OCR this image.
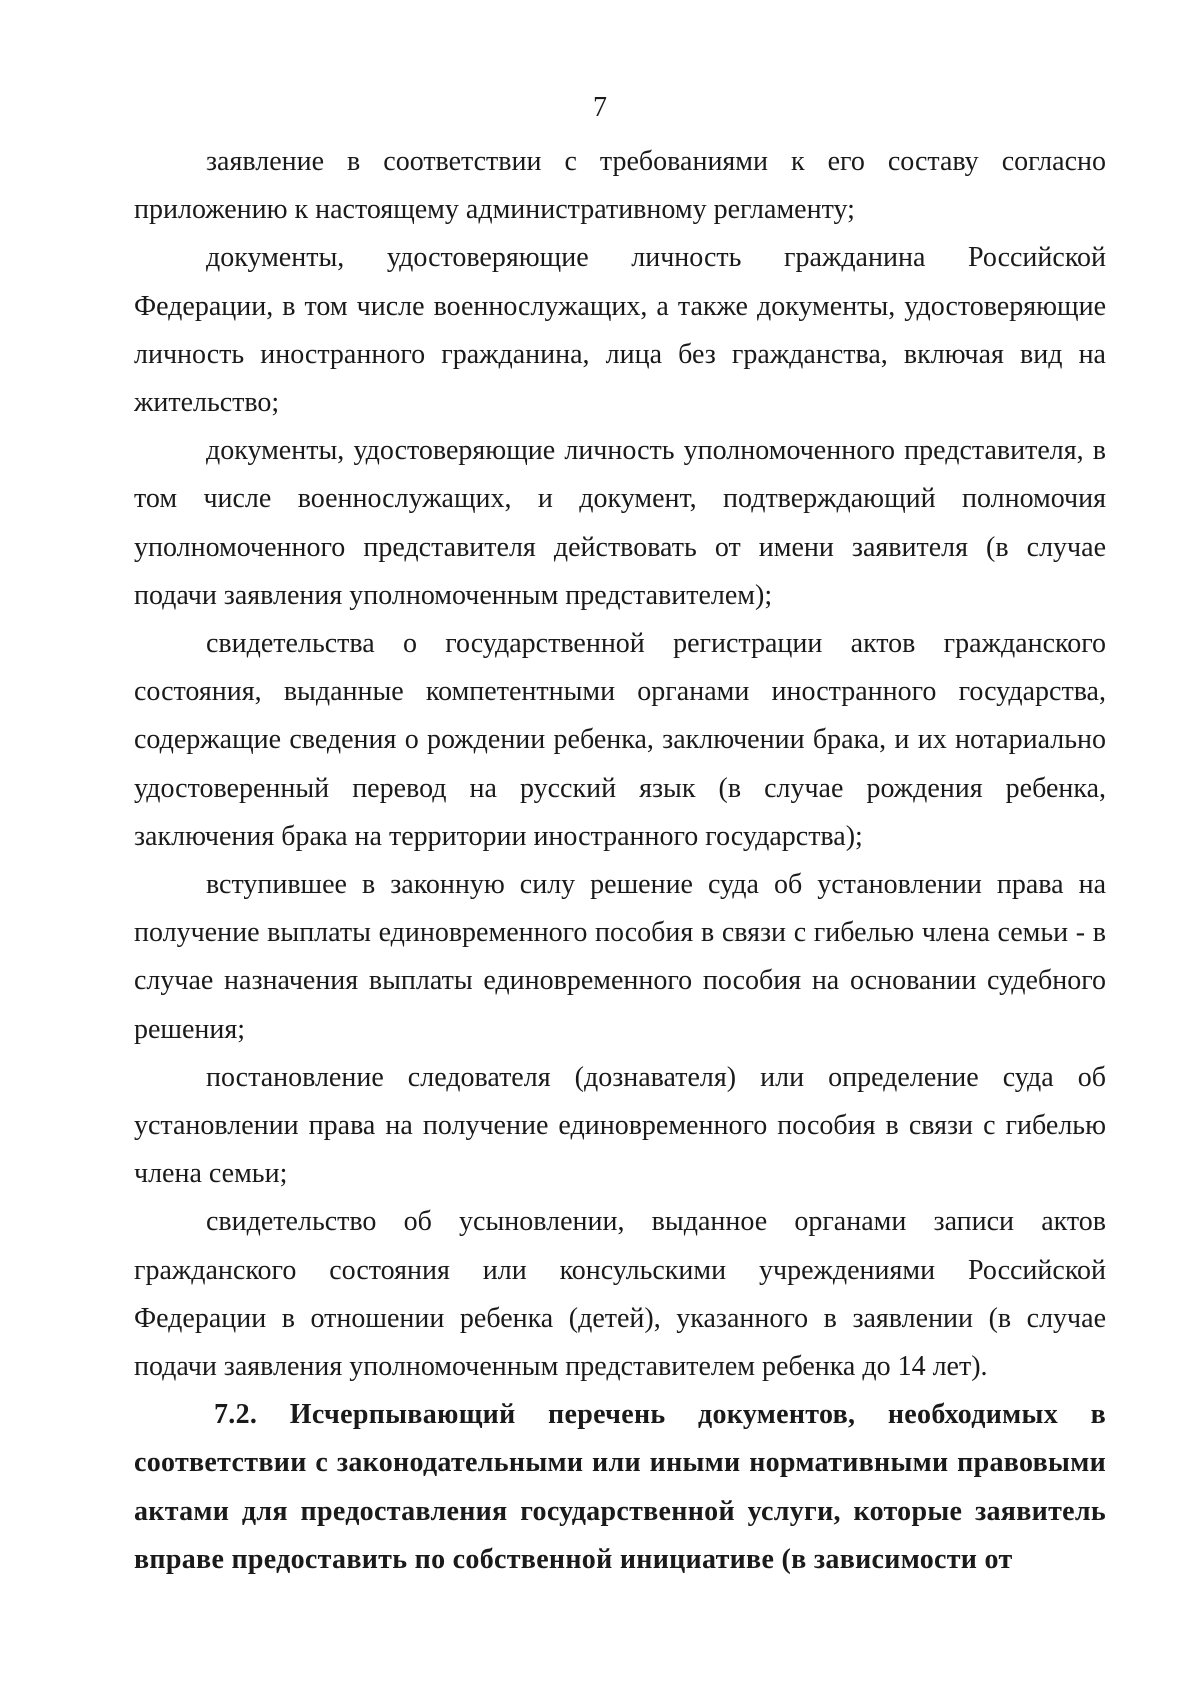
7

заявление в соответствии с требованиями к его составу согласно приложению к настоящему административному регламенту;

документы, удостоверяющие личность гражданина Российской Федерации, в том числе военнослужащих, а также документы, удостоверяющие личность иностранного гражданина, лица без гражданства, включая вид на жительство;

документы, удостоверяющие личность уполномоченного представителя, в том числе военнослужащих, и документ, подтверждающий полномочия уполномоченного представителя действовать от имени заявителя (в случае подачи заявления уполномоченным представителем);

свидетельства о государственной регистрации актов гражданского состояния, выданные компетентными органами иностранного государства, содержащие сведения о рождении ребенка, заключении брака, и их нотариально удостоверенный перевод на русский язык (в случае рождения ребенка, заключения брака на территории иностранного государства);

вступившее в законную силу решение суда об установлении права на получение выплаты единовременного пособия в связи с гибелью члена семьи - в случае назначения выплаты единовременного пособия на основании судебного решения;

постановление следователя (дознавателя) или определение суда об установлении права на получение единовременного пособия в связи с гибелью члена семьи;

свидетельство об усыновлении, выданное органами записи актов гражданского состояния или консульскими учреждениями Российской Федерации в отношении ребенка (детей), указанного в заявлении (в случае подачи заявления уполномоченным представителем ребенка до 14 лет).

7.2. Исчерпывающий перечень документов, необходимых в соответствии с законодательными или иными нормативными правовыми актами для предоставления государственной услуги, которые заявитель вправе предоставить по собственной инициативе (в зависимости от
